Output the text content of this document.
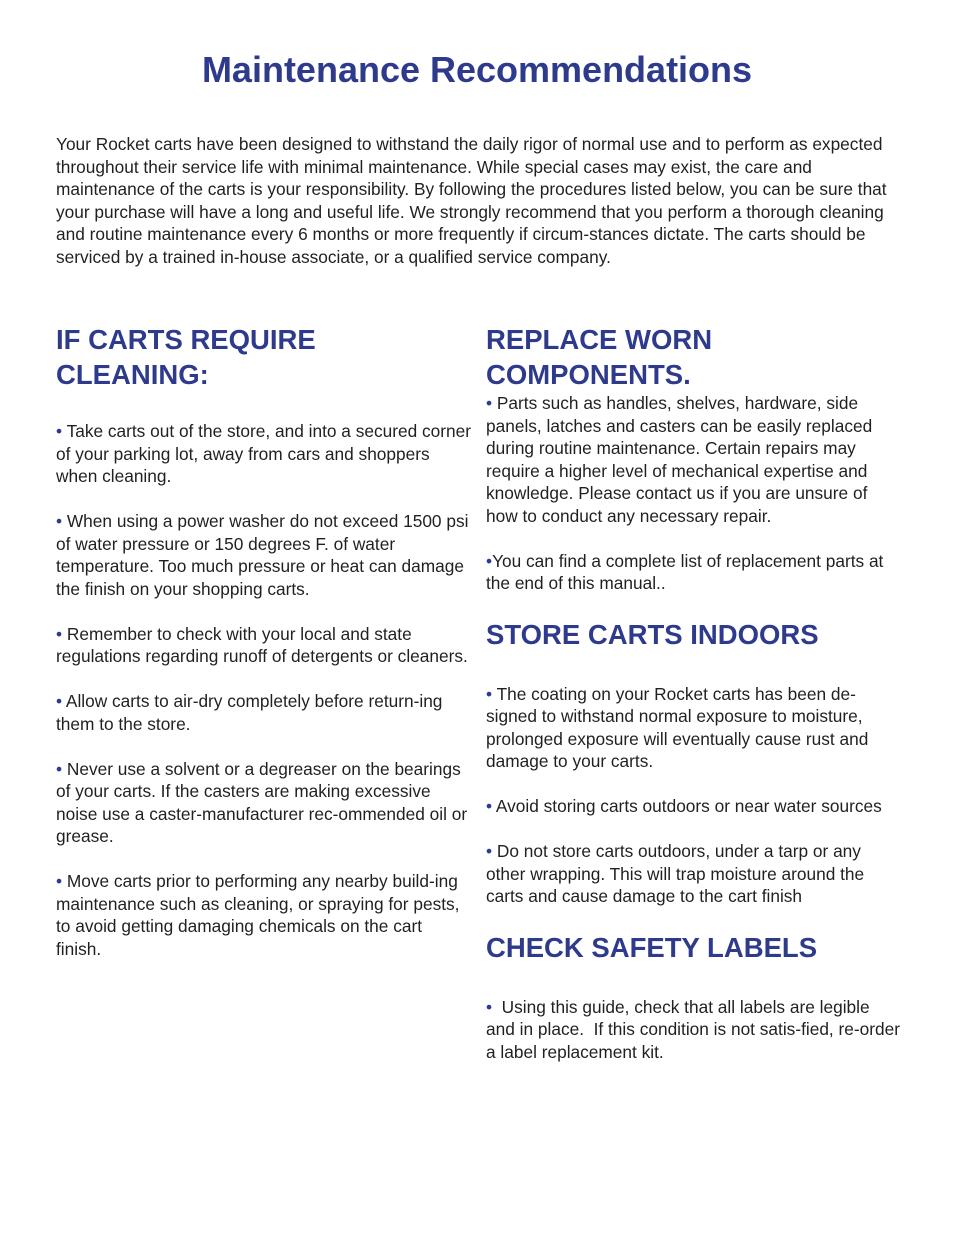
Maintenance Recommendations

Your Rocket carts have been designed to withstand the daily rigor of normal use and to perform as expected throughout their service life with minimal maintenance. While special cases may exist, the care and maintenance of the carts is your responsibility. By following the procedures listed below, you can be sure that your purchase will have a long and useful life. We strongly recommend that you perform a thorough cleaning and routine maintenance every 6 months or more frequently if circum-stances dictate. The carts should be serviced by a trained in-house associate, or a qualified service company.

IF CARTS REQUIRE
CLEANING:

• Take carts out of the store, and into a secured corner of your parking lot, away from cars and shoppers when cleaning.

• When using a power washer do not exceed 1500 psi of water pressure or 150 degrees F. of water

temperature. Too much pressure or heat can damage the finish on your shopping carts.

• Remember to check with your local and state regulations regarding runoff of detergents or cleaners.

• Allow carts to air-dry completely before return-ing them to the store.

• Never use a solvent or a degreaser on the bearings of your carts. If the casters are making excessive noise use a caster-manufacturer rec-ommended oil or grease.

• Move carts prior to performing any nearby build-ing maintenance such as cleaning, or spraying for pests, to avoid getting damaging chemicals on the cart finish.

REPLACE WORN
COMPONENTS.

• Parts such as handles, shelves, hardware, side panels, latches and casters can be easily replaced during routine maintenance. Certain repairs may require a higher level of mechanical expertise and knowledge. Please contact us if you are unsure of how to conduct any necessary repair.

•You can find a complete list of replacement parts at the end of this manual..

STORE CARTS INDOORS

• The coating on your Rocket carts has been de-signed to withstand normal exposure to moisture, prolonged exposure will eventually cause rust and damage to your carts.

• Avoid storing carts outdoors or near water sources

• Do not store carts outdoors, under a tarp or any other wrapping. This will trap moisture around the carts and cause damage to the cart finish

CHECK SAFETY LABELS

•  Using this guide, check that all labels are legible and in place.  If this condition is not satis-fied, re-order a label replacement kit.
